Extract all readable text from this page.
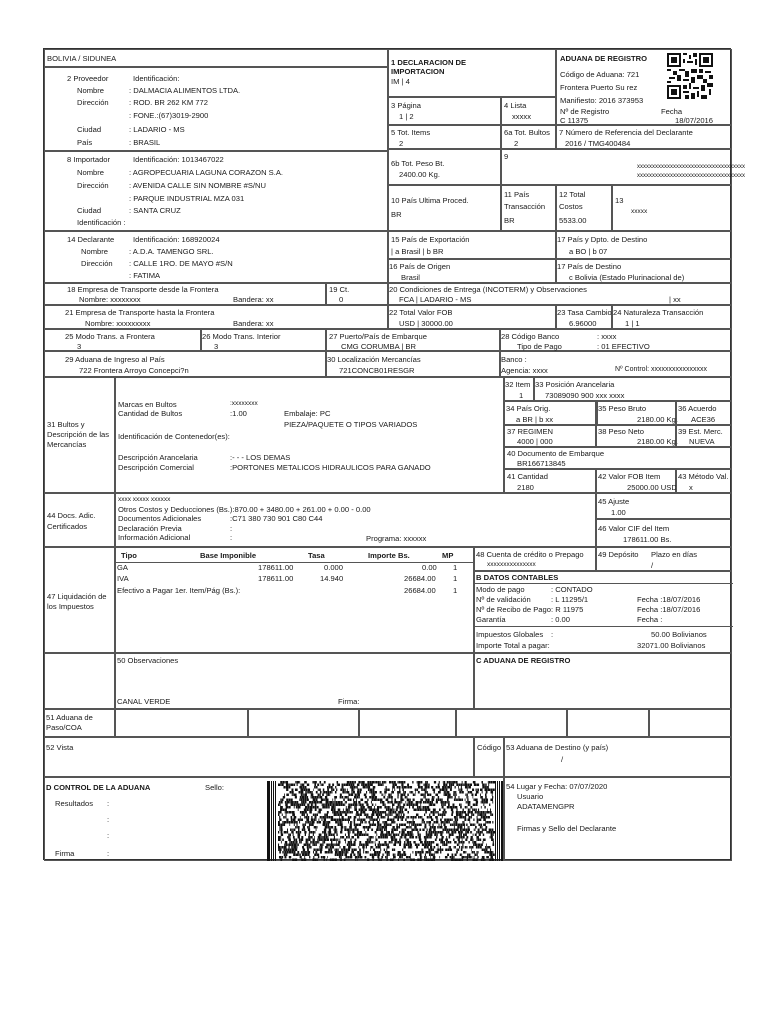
BOLIVIA / SIDUNEA
2 Proveedor	Identificación:
Nombre	: DALMACIA ALIMENTOS LTDA.
Dirección	: ROD. BR 262 KM 772
: FONE.:(67)3019-2900
Ciudad	: LADARIO - MS
País	: BRASIL
8 Importador	Identificación: 1013467022
Nombre	: AGROPECUARIA LAGUNA CORAZON S.A.
Dirección	: AVENIDA CALLE SIN NOMBRE #S/NU
: PARQUE INDUSTRIAL MZA 031
Ciudad	: SANTA CRUZ
Identificación :
14 Declarante Identificación: 168920024
Nombre	: A.D.A. TAMENGO SRL.
Dirección : CALLE 1RO. DE MAYO #S/N
: FATIMA
1 DECLARACION DE
IMPORTACION
IM | 4
3 Página
1 | 2
4 Lista
xxxxx
5 Tot. Items
2
6a Tot. Bultos
2
6b Tot. Peso Bt.
2400.00 Kg.
9
xxxxxxxxxxxxxxxxxxxxxxxxxxxxxxxxxxxx
xxxxxxxxxxxxxxxxxxxxxxxxxxxxxxxxxxxx
10 País Ultima Proced.
BR
11 País
Transacción
BR
12 Total
Costos
5533.00
13
xxxxx
ADUANA DE REGISTRO
Código de Aduana: 721
Frontera Puerto Su rez
Manifiesto: 2016 373953
Nº de Registro	Fecha
C 11375	18/07/2016
7 Número de Referencia del Declarante
2016 / TMG400484
15 País de Exportación
| a Brasil | b BR
17 País y Dpto. de Destino
a BO | b 07
16 País de Origen
Brasil
17 País de Destino
c Bolivia (Estado Plurinacional de)
18 Empresa de Transporte desde la Frontera
Nombre: xxxxxxxx	Bandera: xx
19 Ct.
0
20 Condiciones de Entrega (INCOTERM) y Observaciones
FCA | LADARIO - MS	| xx
21 Empresa de Transporte hasta la Frontera
Nombre: xxxxxxxxx	Bandera: xx
22 Total Valor FOB
USD | 30000.00
23 Tasa Cambio
6.96000
24 Naturaleza Transacción
1 | 1
25 Modo Trans. a Frontera
3
26 Modo Trans. Interior
3
27 Puerto/País de Embarque
CMG CORUMBA | BR
28 Código Banco	: xxxx
Tipo de Pago	: 01 EFECTIVO
29 Aduana de Ingreso al País
722 Frontera Arroyo Concepci?n
30 Localización Mercancías
721CONCB01RESGR
Banco :
Agencia: xxxx	Nº Control: xxxxxxxxxxxxxxxx
31 Bultos y
Descripción de las
Mercancías
Marcas en Bultos	:xxxxxxxx
Cantidad de Bultos	:1.00	Embalaje: PC
PIEZA/PAQUETE O TIPOS VARIADOS
Identificación de Contenedor(es):
Descripción Arancelaria	:- - - LOS DEMAS
Descripción Comercial	:PORTONES METALICOS HIDRAULICOS PARA GANADO
32 Item
1
33 Posición Arancelaria
73089090 900 xxx xxxx
34 País Orig.
a BR | b xx
35 Peso Bruto
2180.00 Kg.
36 Acuerdo
ACE36
37 REGIMEN
4000 | 000
38 Peso Neto
2180.00 Kg.
39 Est. Merc.
NUEVA
40 Documento de Embarque
BR166713845
41 Cantidad
2180
42 Valor FOB Item
25000.00 USD
43 Método Val.
x
44 Docs. Adic.
Certificados
xxxx xxxxx xxxxxx
Otros Costos y Deducciones (Bs.):870.00 + 3480.00 + 261.00 + 0.00 - 0.00
Documentos Adicionales	:C71 380 730 901 C80 C44
Declaración Previa	:
Información Adicional	:	Programa: xxxxxx
45 Ajuste
1.00
46 Valor CIF del Item
178611.00 Bs.
47 Liquidación de
los Impuestos
Tipo	Base Imponible	Tasa	Importe Bs.	MP
GA	178611.00	0.000	0.00 1
IVA	178611.00	14.940	26684.00 1
Efectivo a Pagar 1er. Item/Pág (Bs.):	26684.00 1
48 Cuenta de crédito o Prepago
xxxxxxxxxxxxxxx
49 Depósito Plazo en días
/
B DATOS CONTABLES
Modo de pago	: CONTADO
Nº de validación	: L 11295/1	Fecha :18/07/2016
Nº de Recibo de Pago : R 11975	Fecha :18/07/2016
Garantía	: 0.00	Fecha :
Impuestos Globales :	50.00 Bolivianos
Importe Total a pagar:	32071.00 Bolivianos
50 Observaciones
CANAL VERDE	Firma:
C ADUANA DE REGISTRO
51 Aduana de
Paso/COA
52 Vista	Código 53 Aduana de Destino (y país)
/
D CONTROL DE LA ADUANA	Sello:
Resultados :
:
:
Firma	:
54 Lugar y Fecha: 07/07/2020
Usuario
ADATAMENGPR
Firmas y Sello del Declarante
